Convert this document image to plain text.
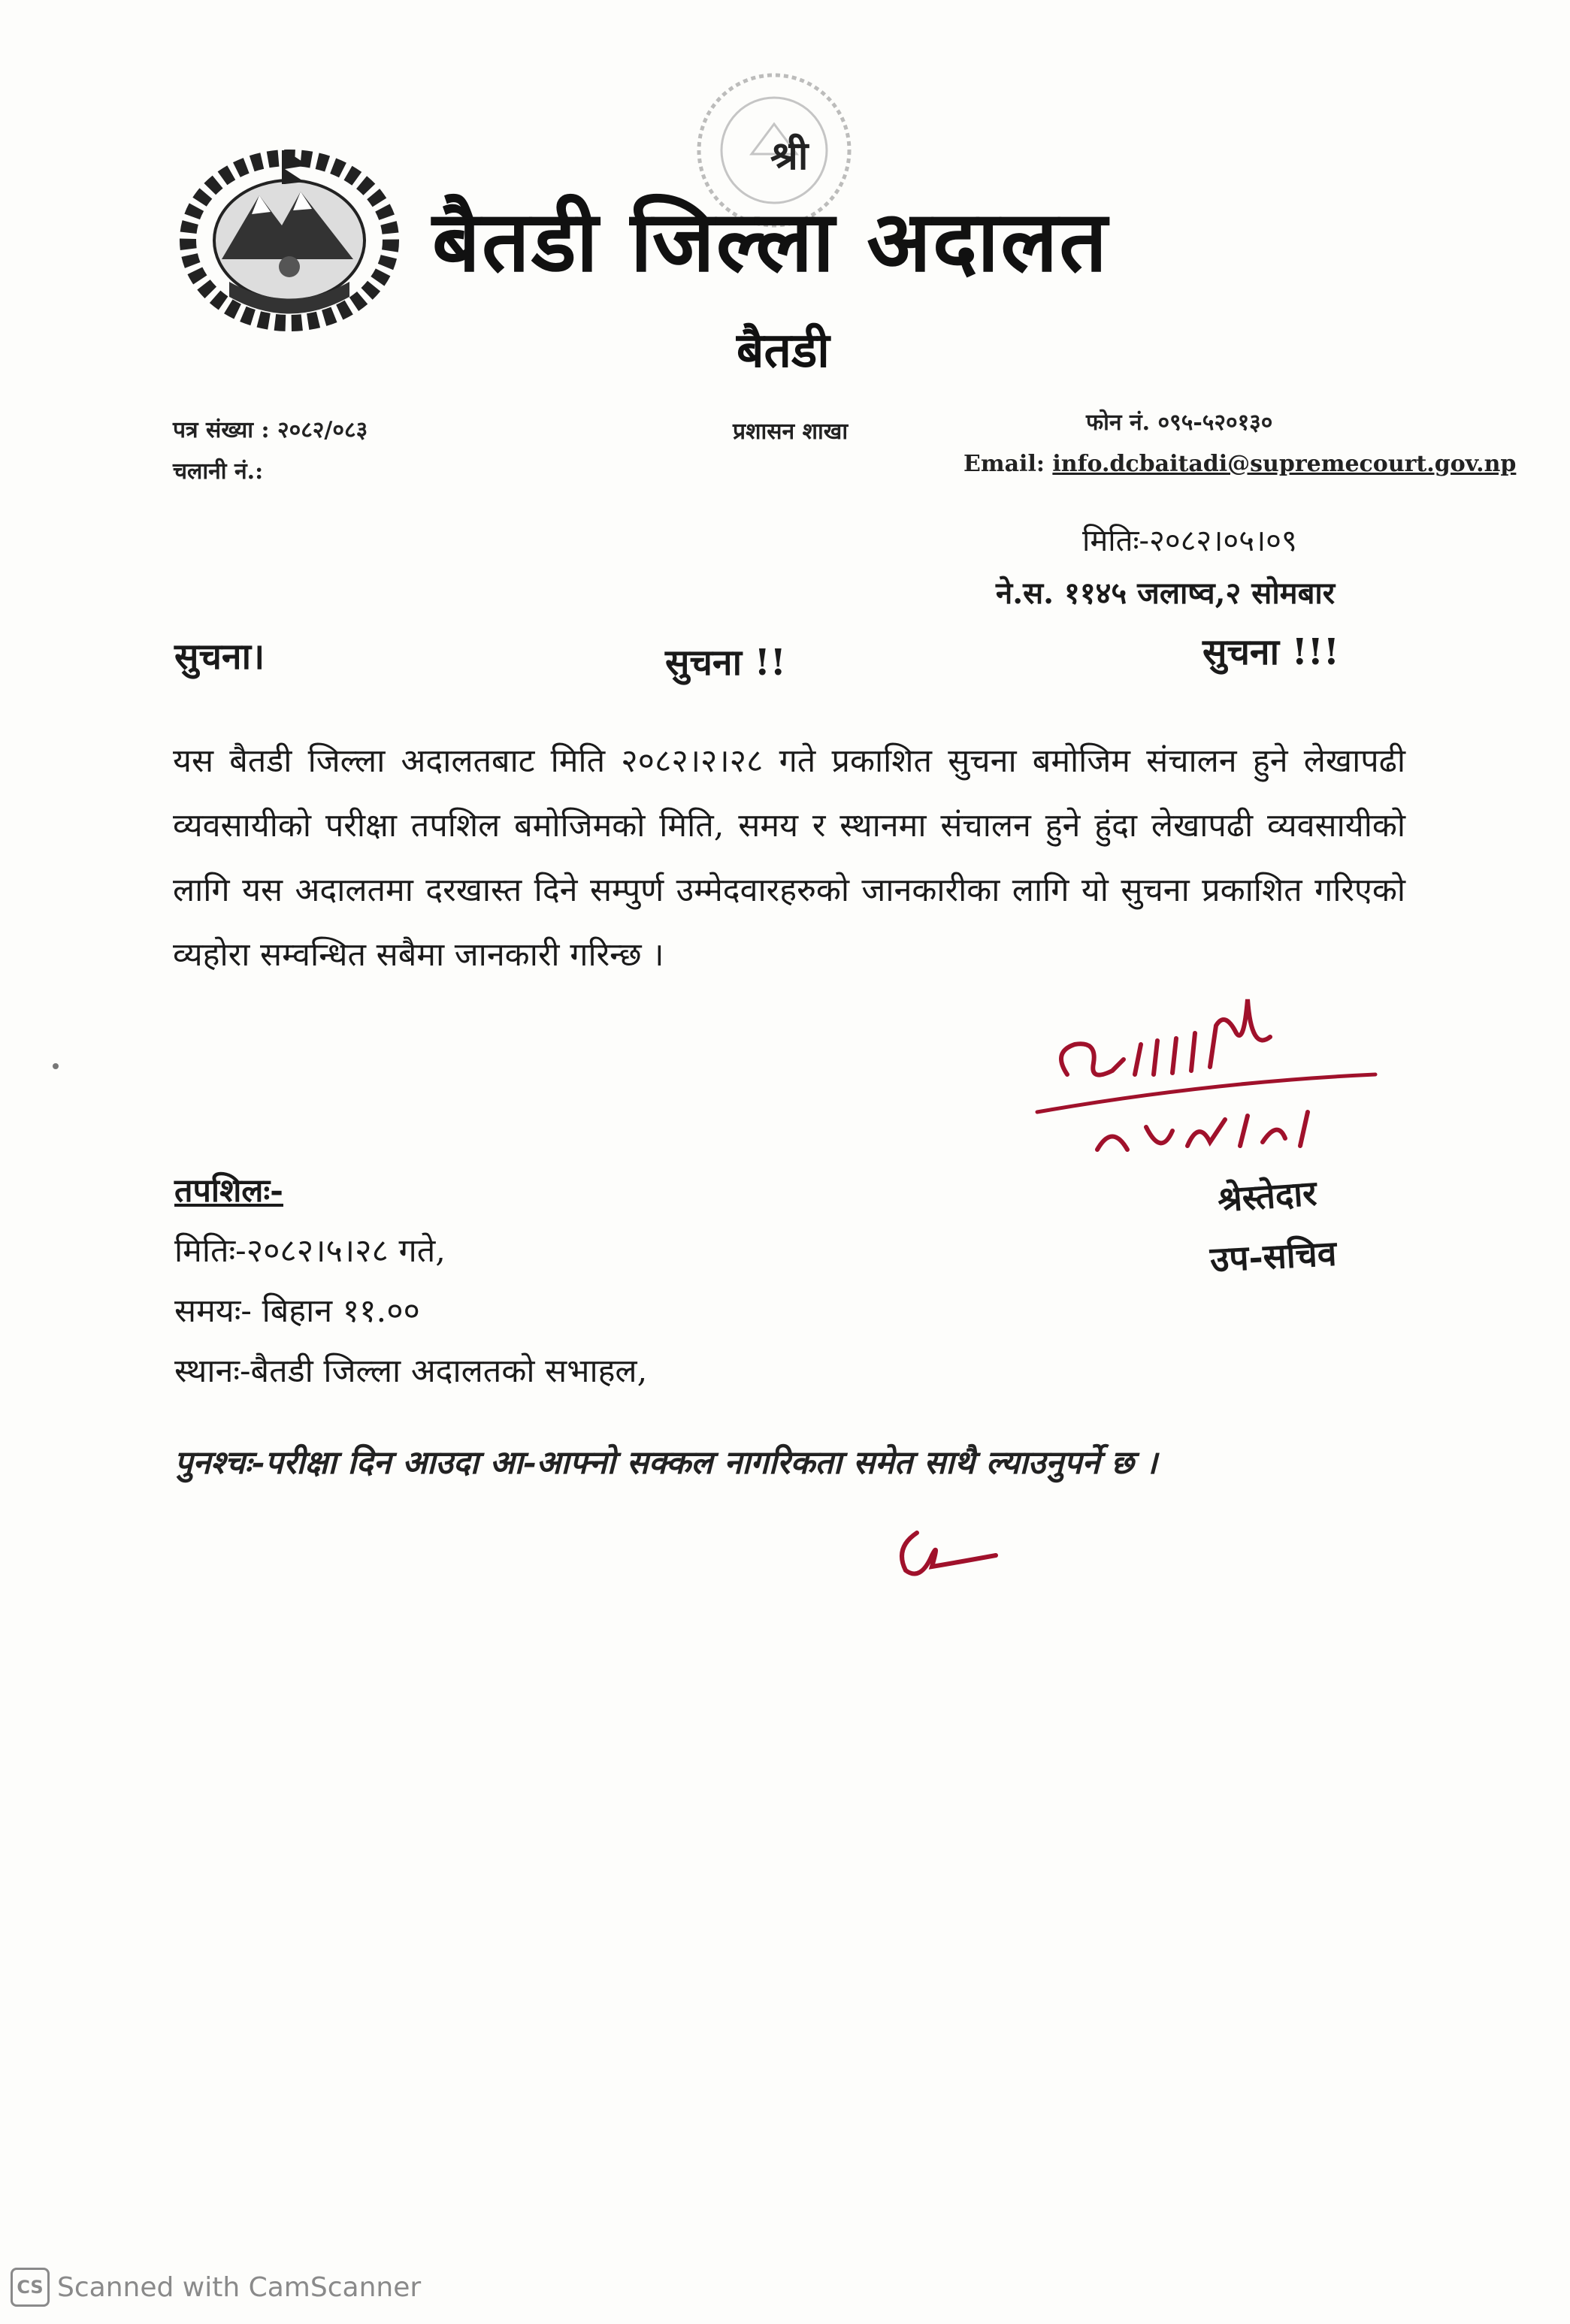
श्री
बैतडी जिल्ला अदालत
बैतडी
पत्र संख्या : २०८२/०८३
चलानी नं.:
प्रशासन शाखा	फोन नं. ०९५-५२०१३०
Email: info.dcbaitadi@supremecourt.gov.np
मितिः-२०८२।०५।०९
ने.स. ११४५ जलाष्व,२ सोमबार
सुचना।	सुचना !!	सुचना !!!
यस बैतडी जिल्ला अदालतबाट मिति २०८२।२।२८ गते प्रकाशित सुचना बमोजिम संचालन हुने लेखापढी व्यवसायीको परीक्षा तपशिल बमोजिमको मिति, समय र स्थानमा संचालन हुने हुंदा लेखापढी व्यवसायीको लागि यस अदालतमा दरखास्त दिने सम्पुर्ण उम्मेदवारहरुको जानकारीका लागि यो सुचना प्रकाशित गरिएको व्यहोरा सम्वन्धित सबैमा जानकारी गरिन्छ ।
श्रेस्तेदार
उप-सचिव
तपशिलः-
मितिः-२०८२।५।२८ गते,
समयः- बिहान ११.००
स्थानः-बैतडी जिल्ला अदालतको सभाहल,
पुनश्चः-परीक्षा दिन आउदा आ-आफ्नो सक्कल नागरिकता समेत साथै ल्याउनुपर्ने छ ।
CS Scanned with CamScanner
